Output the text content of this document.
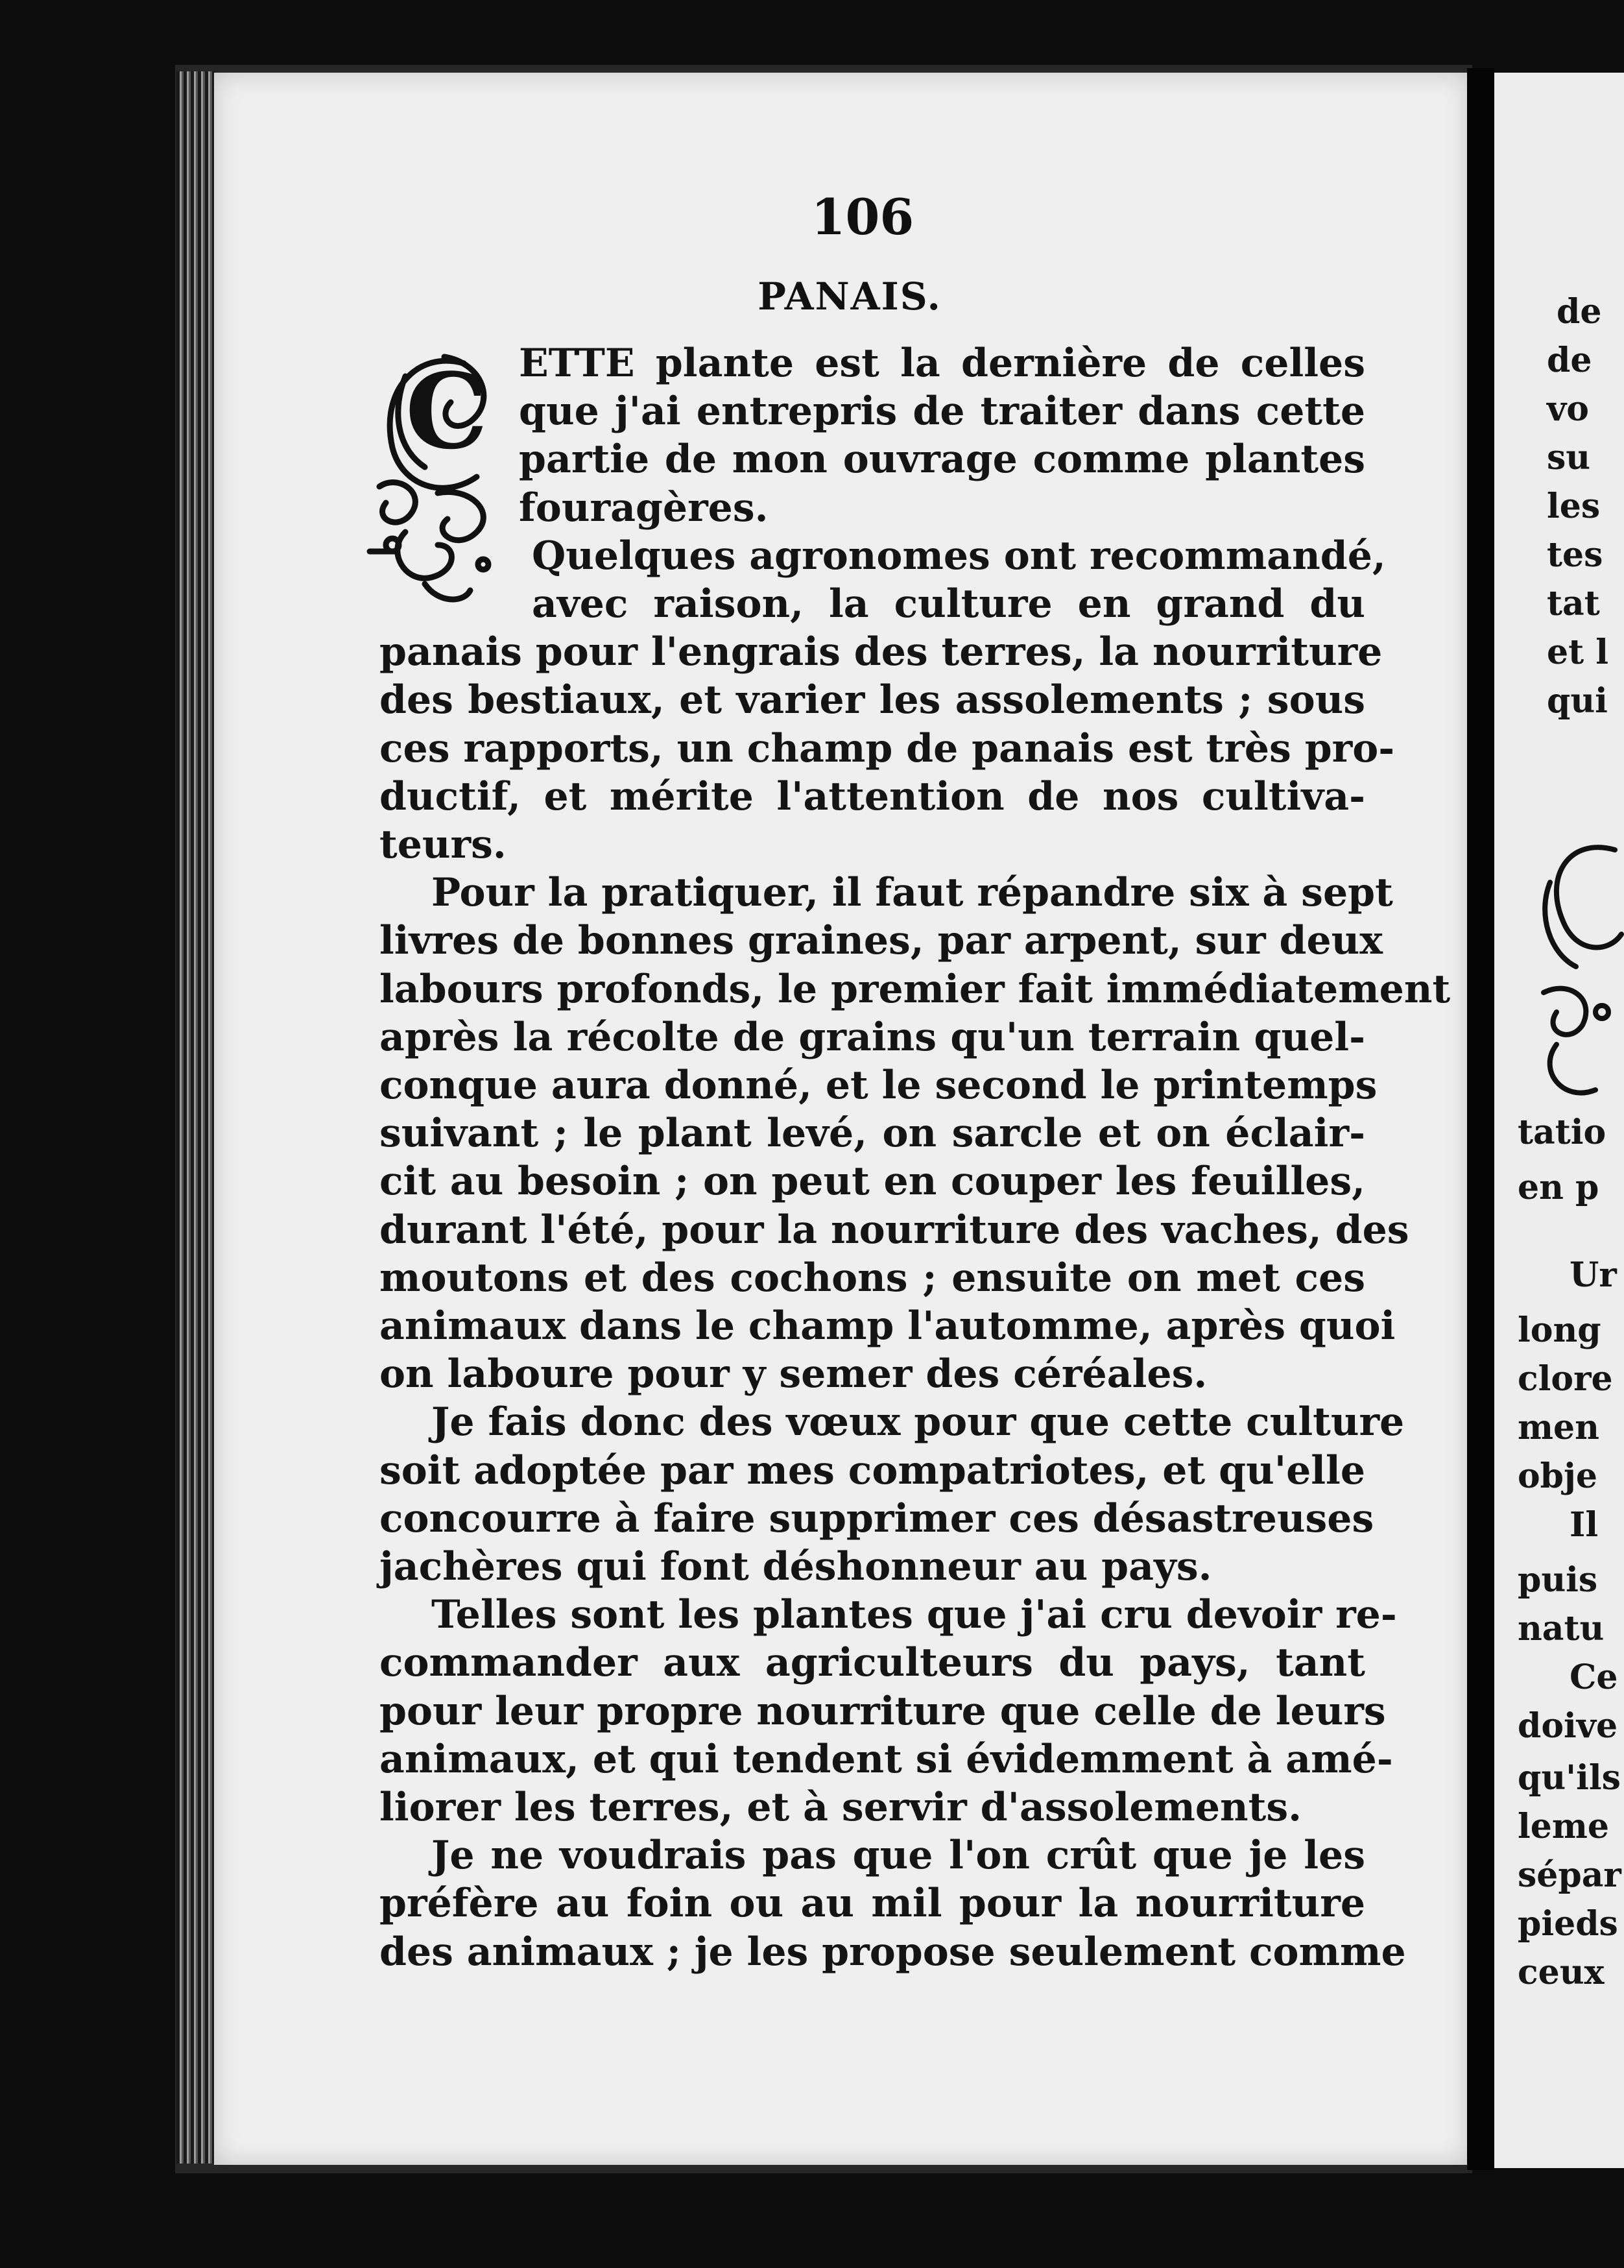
106
PANAIS.
C ETTE plante est la dernière de celles
que j'ai entrepris de traiter dans cette
partie de mon ouvrage comme plantes
fouragères.
Quelques agronomes ont recommandé,
avec raison, la culture en grand du
panais pour l'engrais des terres, la nourriture
des bestiaux, et varier les assolements ; sous
ces rapports, un champ de panais est très pro-
ductif, et mérite l'attention de nos cultiva-
teurs.
Pour la pratiquer, il faut répandre six à sept
livres de bonnes graines, par arpent, sur deux
labours profonds, le premier fait immédiatement
après la récolte de grains qu'un terrain quel-
conque aura donné, et le second le printemps
suivant ; le plant levé, on sarcle et on éclair-
cit au besoin ; on peut en couper les feuilles,
durant l'été, pour la nourriture des vaches, des
moutons et des cochons ; ensuite on met ces
animaux dans le champ l'automme, après quoi
on laboure pour y semer des céréales.
Je fais donc des vœux pour que cette culture
soit adoptée par mes compatriotes, et qu'elle
concourre à faire supprimer ces désastreuses
jachères qui font déshonneur au pays.
Telles sont les plantes que j'ai cru devoir re-
commander aux agriculteurs du pays, tant
pour leur propre nourriture que celle de leurs
animaux, et qui tendent si évidemment à amé-
liorer les terres, et à servir d'assolements.
Je ne voudrais pas que l'on crût que je les
préfère au foin ou au mil pour la nourriture
des animaux ; je les propose seulement comme
de
de
vo
su
les
tes
tat
et l
qui
tatio
en p
Ur
long
clore
men
obje
Il
puis
natu
Ce
doive
qu'ils
leme
sépar
pieds
ceux
